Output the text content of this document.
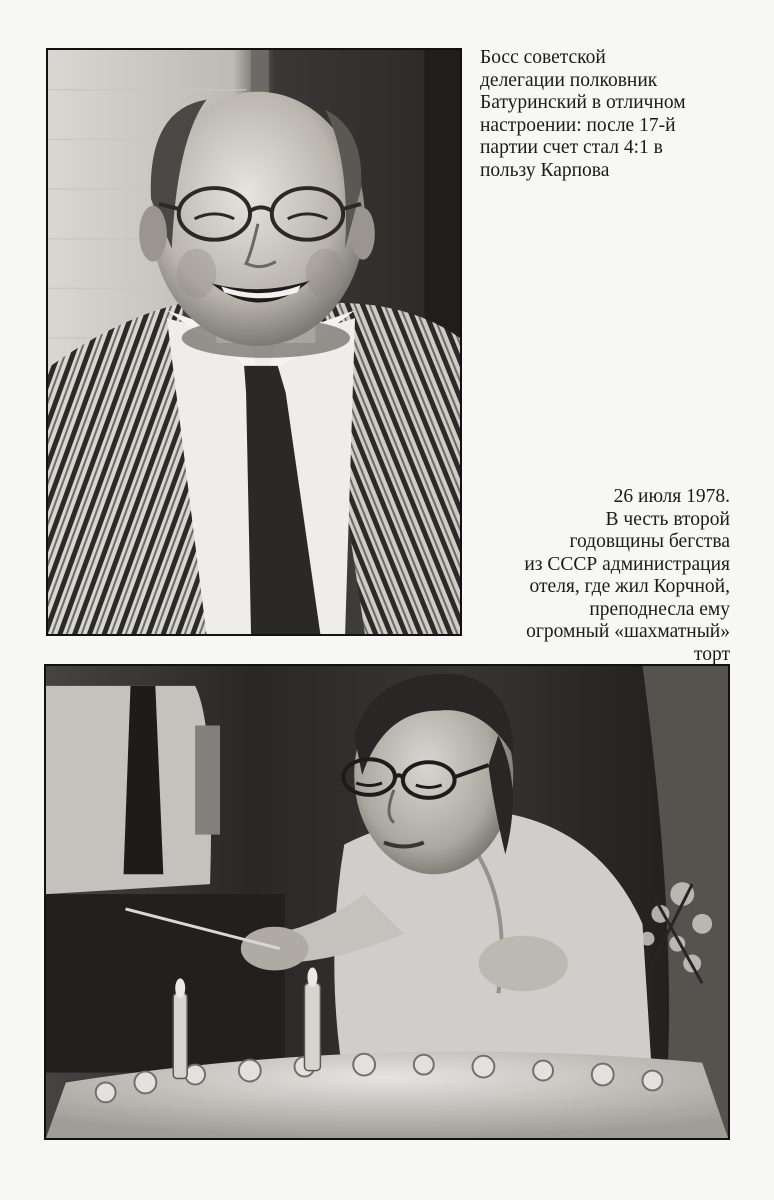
Босс советской
делегации полковник
Батуринский в отличном
настроении: после 17-й
партии счет стал 4:1 в
пользу Карпова
26 июля 1978.
В честь второй
годовщины бегства
из СССР администрация
отеля, где жил Корчной,
преподнесла ему
огромный «шахматный»
торт
